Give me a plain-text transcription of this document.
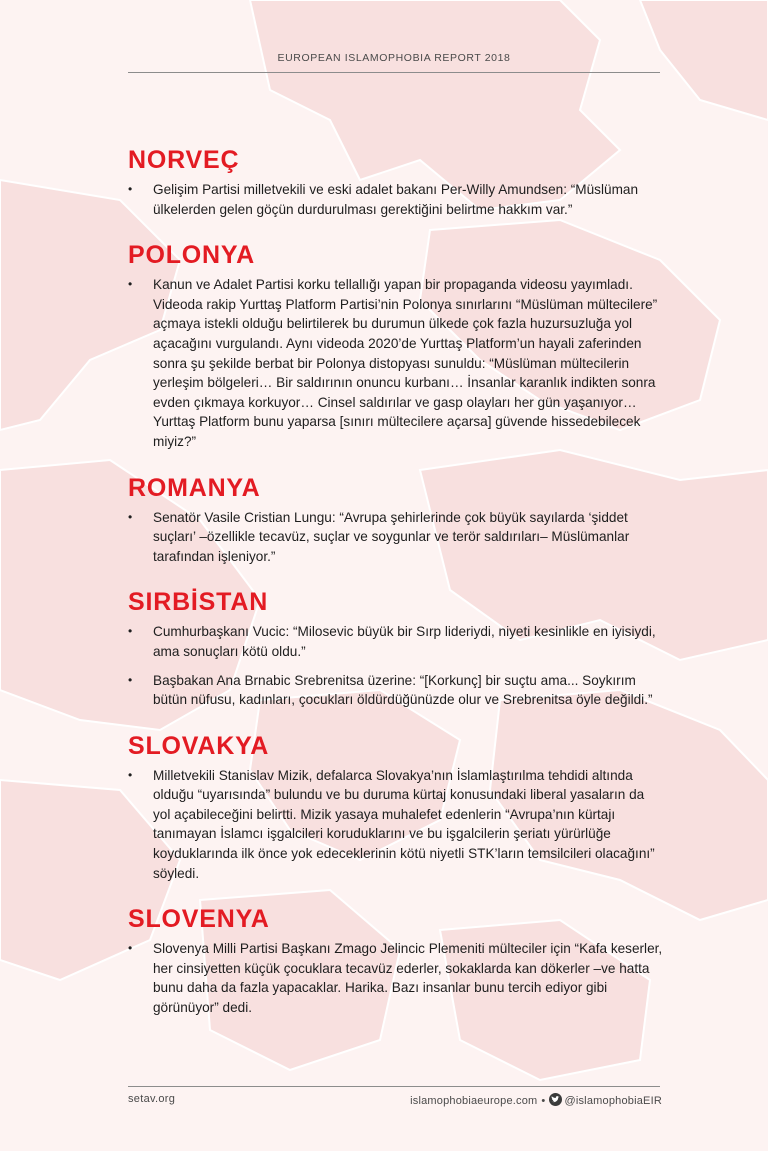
EUROPEAN ISLAMOPHOBIA REPORT 2018
NORVEÇ
• Gelişim Partisi milletvekili ve eski adalet bakanı Per-Willy Amundsen: “Müslüman ülkelerden gelen göçün durdurulması gerektiğini belirtme hakkım var.”
POLONYA
• Kanun ve Adalet Partisi korku tellallığı yapan bir propaganda videosu yayımladı. Videoda rakip Yurttaş Platform Partisi’nin Polonya sınırlarını “Müslüman mültecilere” açmaya istekli olduğu belirtilerek bu durumun ülkede çok fazla huzursuzluğa yol açacağını vurgulandı. Aynı videoda 2020’de Yurttaş Platform’un hayali zaferinden sonra şu şekilde berbat bir Polonya distopyası sunuldu: “Müslüman mültecilerin yerleşim bölgeleri… Bir saldırının onuncu kurbanı… İnsanlar karanlık indikten sonra evden çıkmaya korkuyor… Cinsel saldırılar ve gasp olayları her gün yaşanıyor… Yurttaş Platform bunu yaparsa [sınırı mültecilere açarsa] güvende hissedebilecek miyiz?”
ROMANYA
• Senatör Vasile Cristian Lungu: “Avrupa şehirlerinde çok büyük sayılarda ‘şiddet suçları’ –özellikle tecavüz, suçlar ve soygunlar ve terör saldırıları– Müslümanlar tarafından işleniyor.”
SIRBİSTAN
• Cumhurbaşkanı Vucic: “Milosevic büyük bir Sırp lideriydi, niyeti kesinlikle en iyisiydi, ama sonuçları kötü oldu.”
• Başbakan Ana Brnabic Srebrenitsa üzerine: “[Korkunç] bir suçtu ama... Soykırım bütün nüfusu, kadınları, çocukları öldürdüğünüzde olur ve Srebrenitsa öyle değildi.”
SLOVAKYA
• Milletvekili Stanislav Mizik, defalarca Slovakya’nın İslamlaştırılma tehdidi altında olduğu “uyarısında” bulundu ve bu duruma kürtaj konusundaki liberal yasaların da yol açabileceğini belirtti. Mizik yasaya muhalefet edenlerin “Avrupa’nın kürtajı tanımayan İslamcı işgalcileri koruduklarını ve bu işgalcilerin şeriatı yürürlüğe koyduklarında ilk önce yok edeceklerinin kötü niyetli STK’ların temsilcileri olacağını” söyledi.
SLOVENYA
• Slovenya Milli Partisi Başkanı Zmago Jelincic Plemeniti mülteciler için “Kafa keserler, her cinsiyetten küçük çocuklara tecavüz ederler, sokaklarda kan dökerler –ve hatta bunu daha da fazla yapacaklar. Harika. Bazı insanlar bunu tercih ediyor gibi görünüyor” dedi.
setav.org	islamophobiaeurope.com • @islamophobiaEIR
